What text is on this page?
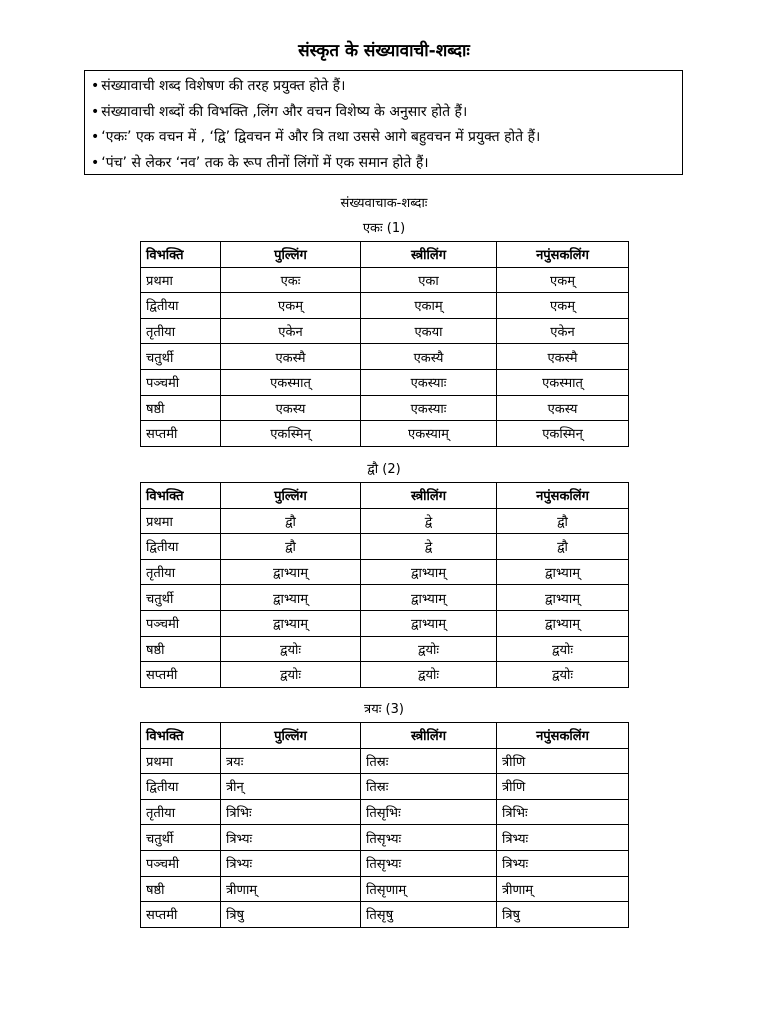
संस्कृत के संख्यावाची-शब्दाः
• संख्यावाची शब्द विशेषण की तरह प्रयुक्त होते हैं।
• संख्यावाची शब्दों की विभक्ति ,लिंग और वचन विशेष्य के अनुसार होते हैं।
• ‘एकः’ एक वचन में , ‘द्वि’ द्विवचन में और त्रि तथा उससे आगे बहुवचन में प्रयुक्त होते हैं।
• ‘पंच’ से लेकर ‘नव’ तक के रूप तीनों लिंगों में एक समान होते हैं।
संख्यवाचाक-शब्दाः
एकः (1)
विभक्ति	पुल्लिंग	स्त्रीलिंग	नपुंसकलिंग
प्रथमा	एकः	एका	एकम्
द्वितीया	एकम्	एकाम्	एकम्
तृतीया	एकेन	एकया	एकेन
चतुर्थी	एकस्मै	एकस्यै	एकस्मै
पञ्चमी	एकस्मात्	एकस्याः	एकस्मात्
षष्ठी	एकस्य	एकस्याः	एकस्य
सप्तमी	एकस्मिन्	एकस्याम्	एकस्मिन्
द्वौ (2)
विभक्ति	पुल्लिंग	स्त्रीलिंग	नपुंसकलिंग
प्रथमा	द्वौ	द्वे	द्वौ
द्वितीया	द्वौ	द्वे	द्वौ
तृतीया	द्वाभ्याम्	द्वाभ्याम्	द्वाभ्याम्
चतुर्थी	द्वाभ्याम्	द्वाभ्याम्	द्वाभ्याम्
पञ्चमी	द्वाभ्याम्	द्वाभ्याम्	द्वाभ्याम्
षष्ठी	द्वयोः	द्वयोः	द्वयोः
सप्तमी	द्वयोः	द्वयोः	द्वयोः
त्रयः (3)
विभक्ति	पुल्लिंग	स्त्रीलिंग	नपुंसकलिंग
प्रथमा	त्रयः	तिस्रः	त्रीणि
द्वितीया	त्रीन्	तिस्रः	त्रीणि
तृतीया	त्रिभिः	तिसृभिः	त्रिभिः
चतुर्थी	त्रिभ्यः	तिसृभ्यः	त्रिभ्यः
पञ्चमी	त्रिभ्यः	तिसृभ्यः	त्रिभ्यः
षष्ठी	त्रीणाम्	तिसृणाम्	त्रीणाम्
सप्तमी	त्रिषु	तिसृषु	त्रिषु
